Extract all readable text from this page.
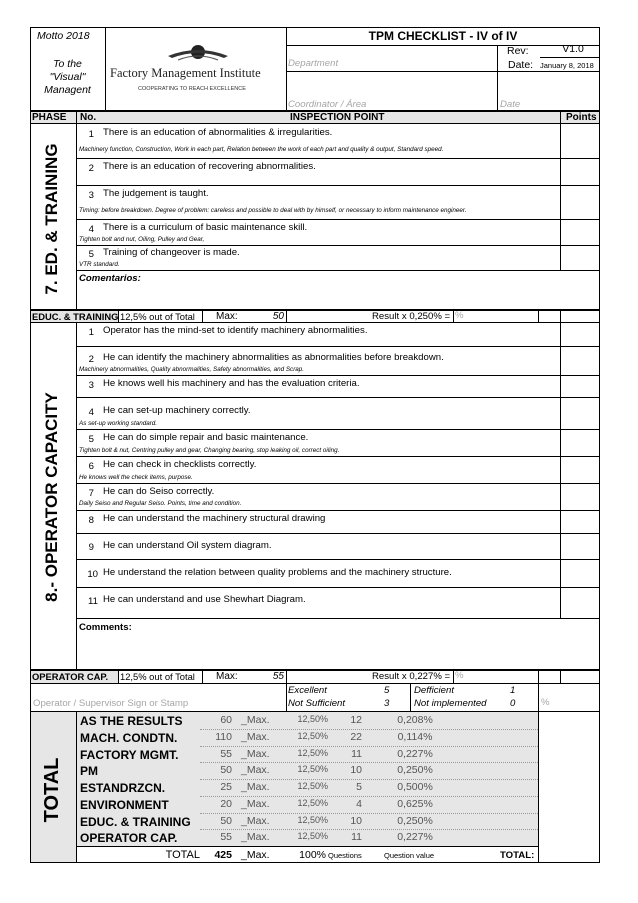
Motto 2018
To the
"Visual"
Managent
Factory Management Institute
COOPERATING TO REACH EXCELLENCE
TPM CHECKLIST - IV of IV
Rev:	V1.0
Department	Date: January 8, 2018
Coordinator / Área	Date
PHASE No.	INSPECTION POINT	Points
7. ED. & TRAINING
1 There is an education of abnormalities & irregularities.
Machinery function, Construction, Work in each part, Relation between the work of each part and quality & output, Standard speed.
2 There is an education of recovering abnormalities.
3 The judgement is taught.
Timing: before breakdown. Degree of problem: careless and possible to deal with by himself, or necessary to inform maintenance engineer.
4 There is a curriculum of basic maintenance skill.
Tighten bolt and nut, Oiling, Pulley and Gear,
5 Training of changeover is made.
VTR standard.
Comentarios:
EDUC. & TRAINING 12,5% out of Total Max:	50	Result x 0,250% = %
8.- OPERATOR CAPACITY
1 Operator has the mind-set to identify machinery abnormalities.
2 He can identify the machinery abnormalities as abnormalities before breakdown.
Machinery abnormalities, Quality abnormalities, Safety abnormalities, and Scrap.
3 He knows well his machinery and has the evaluation criteria.
4 He can set-up machinery correctly.
As set-up working standard.
5 He can do simple repair and basic maintenance.
Tighten bolt & nut, Centring pulley and gear, Changing bearing, stop leaking oil, correct oiling.
6 He can check in checklists correctly.
He knows well the check items, purpose.
7 He can do Seiso correctly.
Daily Seiso and Regular Seiso. Points, time and condition.
8 He can understand the machinery structural drawing
9 He can understand Oil system diagram.
10 He understand the relation between quality problems and the machinery structure.
11 He can understand and use Shewhart Diagram.
Comments:
OPERATOR CAP. 12,5% out of Total Max:	55	Result x 0,227% = %
Operator / Supervisor Sign or Stamp
Excellent	5
Not Sufficient	3
Defficient	1
Not implemented 0	%
TOTAL
AS THE RESULTS	60 _Max.	12,50%	12	0,208%
MACH. CONDTN.	110 _Max.	12,50%	22	0,114%
FACTORY MGMT.	55 _Max.	12,50%	11	0,227%
PM	50 _Max.	12,50%	10	0,250%
ESTANDRZCN.	25 _Max.	12,50%	5	0,500%
ENVIRONMENT	20 _Max.	12,50%	4	0,625%
EDUC. & TRAINING	50 _Max.	12,50%	10	0,250%
OPERATOR CAP.	55 _Max.	12,50%	11	0,227%
TOTAL	425 _Max.	100% Questions	Question value	TOTAL:
